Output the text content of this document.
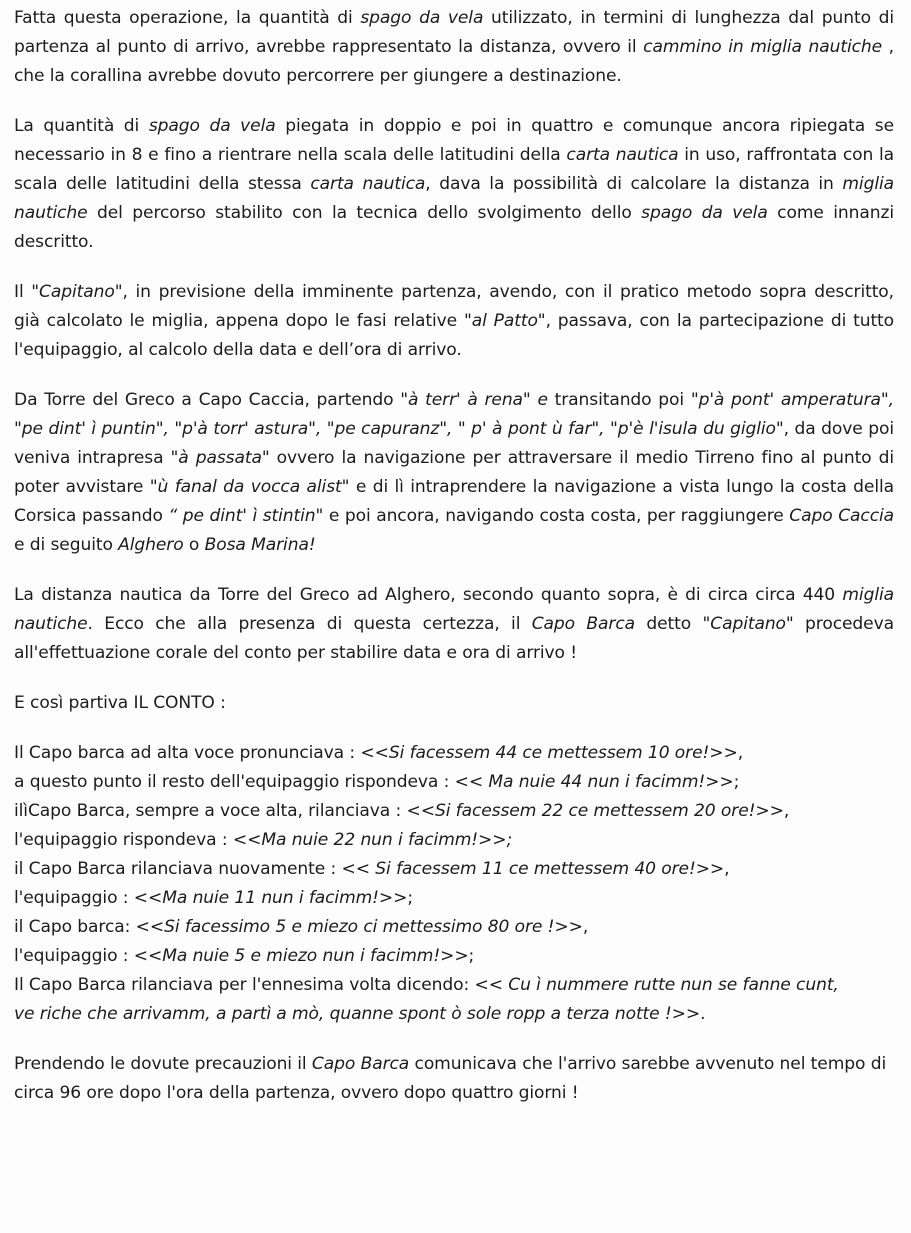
Fatta questa operazione, la quantità di spago da vela utilizzato, in termini di lunghezza dal punto di partenza al punto di arrivo, avrebbe rappresentato la distanza, ovvero il cammino in miglia nautiche , che la corallina avrebbe dovuto percorrere per giungere a destinazione.

La quantità di spago da vela piegata in doppio e poi in quattro e comunque ancora ripiegata se necessario in 8 e fino a rientrare nella scala delle latitudini della carta nautica in uso, raffrontata con la scala delle latitudini della stessa carta nautica, dava la possibilità di calcolare la distanza in miglia nautiche del percorso stabilito con la tecnica dello svolgimento dello spago da vela come innanzi descritto.

Il "Capitano", in previsione della imminente partenza, avendo, con il pratico metodo sopra descritto, già calcolato le miglia, appena dopo le fasi relative "al Patto", passava, con la partecipazione di tutto l'equipaggio, al calcolo della data e dell’ora di arrivo.

Da Torre del Greco a Capo Caccia, partendo "à terr' à rena" e transitando poi "p'à pont' amperatura", "pe dint' ì puntin", "p'à torr' astura", "pe capuranz", " p' à pont ù far", "p'è l'isula du giglio", da dove poi veniva intrapresa "à passata" ovvero la navigazione per attraversare il medio Tirreno fino al punto di poter avvistare "ù fanal da vocca alist" e di lì intraprendere la navigazione a vista lungo la costa della Corsica passando “ pe dint' ì stintin" e poi ancora, navigando costa costa, per raggiungere Capo Caccia e di seguito Alghero o Bosa Marina!

La distanza nautica da Torre del Greco ad Alghero, secondo quanto sopra, è di circa circa 440 miglia nautiche. Ecco che alla presenza di questa certezza, il Capo Barca detto "Capitano" procedeva all'effettuazione corale del conto per stabilire data e ora di arrivo !

E così partiva IL CONTO :

Il Capo barca ad alta voce pronunciava : <<Si facessem 44 ce mettessem 10 ore!>>,
a questo punto il resto dell'equipaggio rispondeva : << Ma nuie 44 nun i facimm!>>;
ilìCapo Barca, sempre a voce alta, rilanciava : <<Si facessem 22 ce mettessem 20 ore!>>,
l'equipaggio rispondeva : <<Ma nuie 22 nun i facimm!>>;
il Capo Barca rilanciava nuovamente : << Si facessem 11 ce mettessem 40 ore!>>,
l'equipaggio : <<Ma nuie 11 nun i facimm!>>;
il Capo barca: <<Si facessimo 5 e miezo ci mettessimo 80 ore !>>,
l'equipaggio : <<Ma nuie 5 e miezo nun i facimm!>>;
Il Capo Barca rilanciava per l'ennesima volta dicendo: << Cu ì nummere rutte nun se fanne cunt,
ve riche che arrivamm, a partì a mò, quanne spont ò sole ropp a terza notte !>>.

Prendendo le dovute precauzioni il Capo Barca comunicava che l'arrivo sarebbe avvenuto nel tempo di circa 96 ore dopo l'ora della partenza, ovvero dopo quattro giorni !
